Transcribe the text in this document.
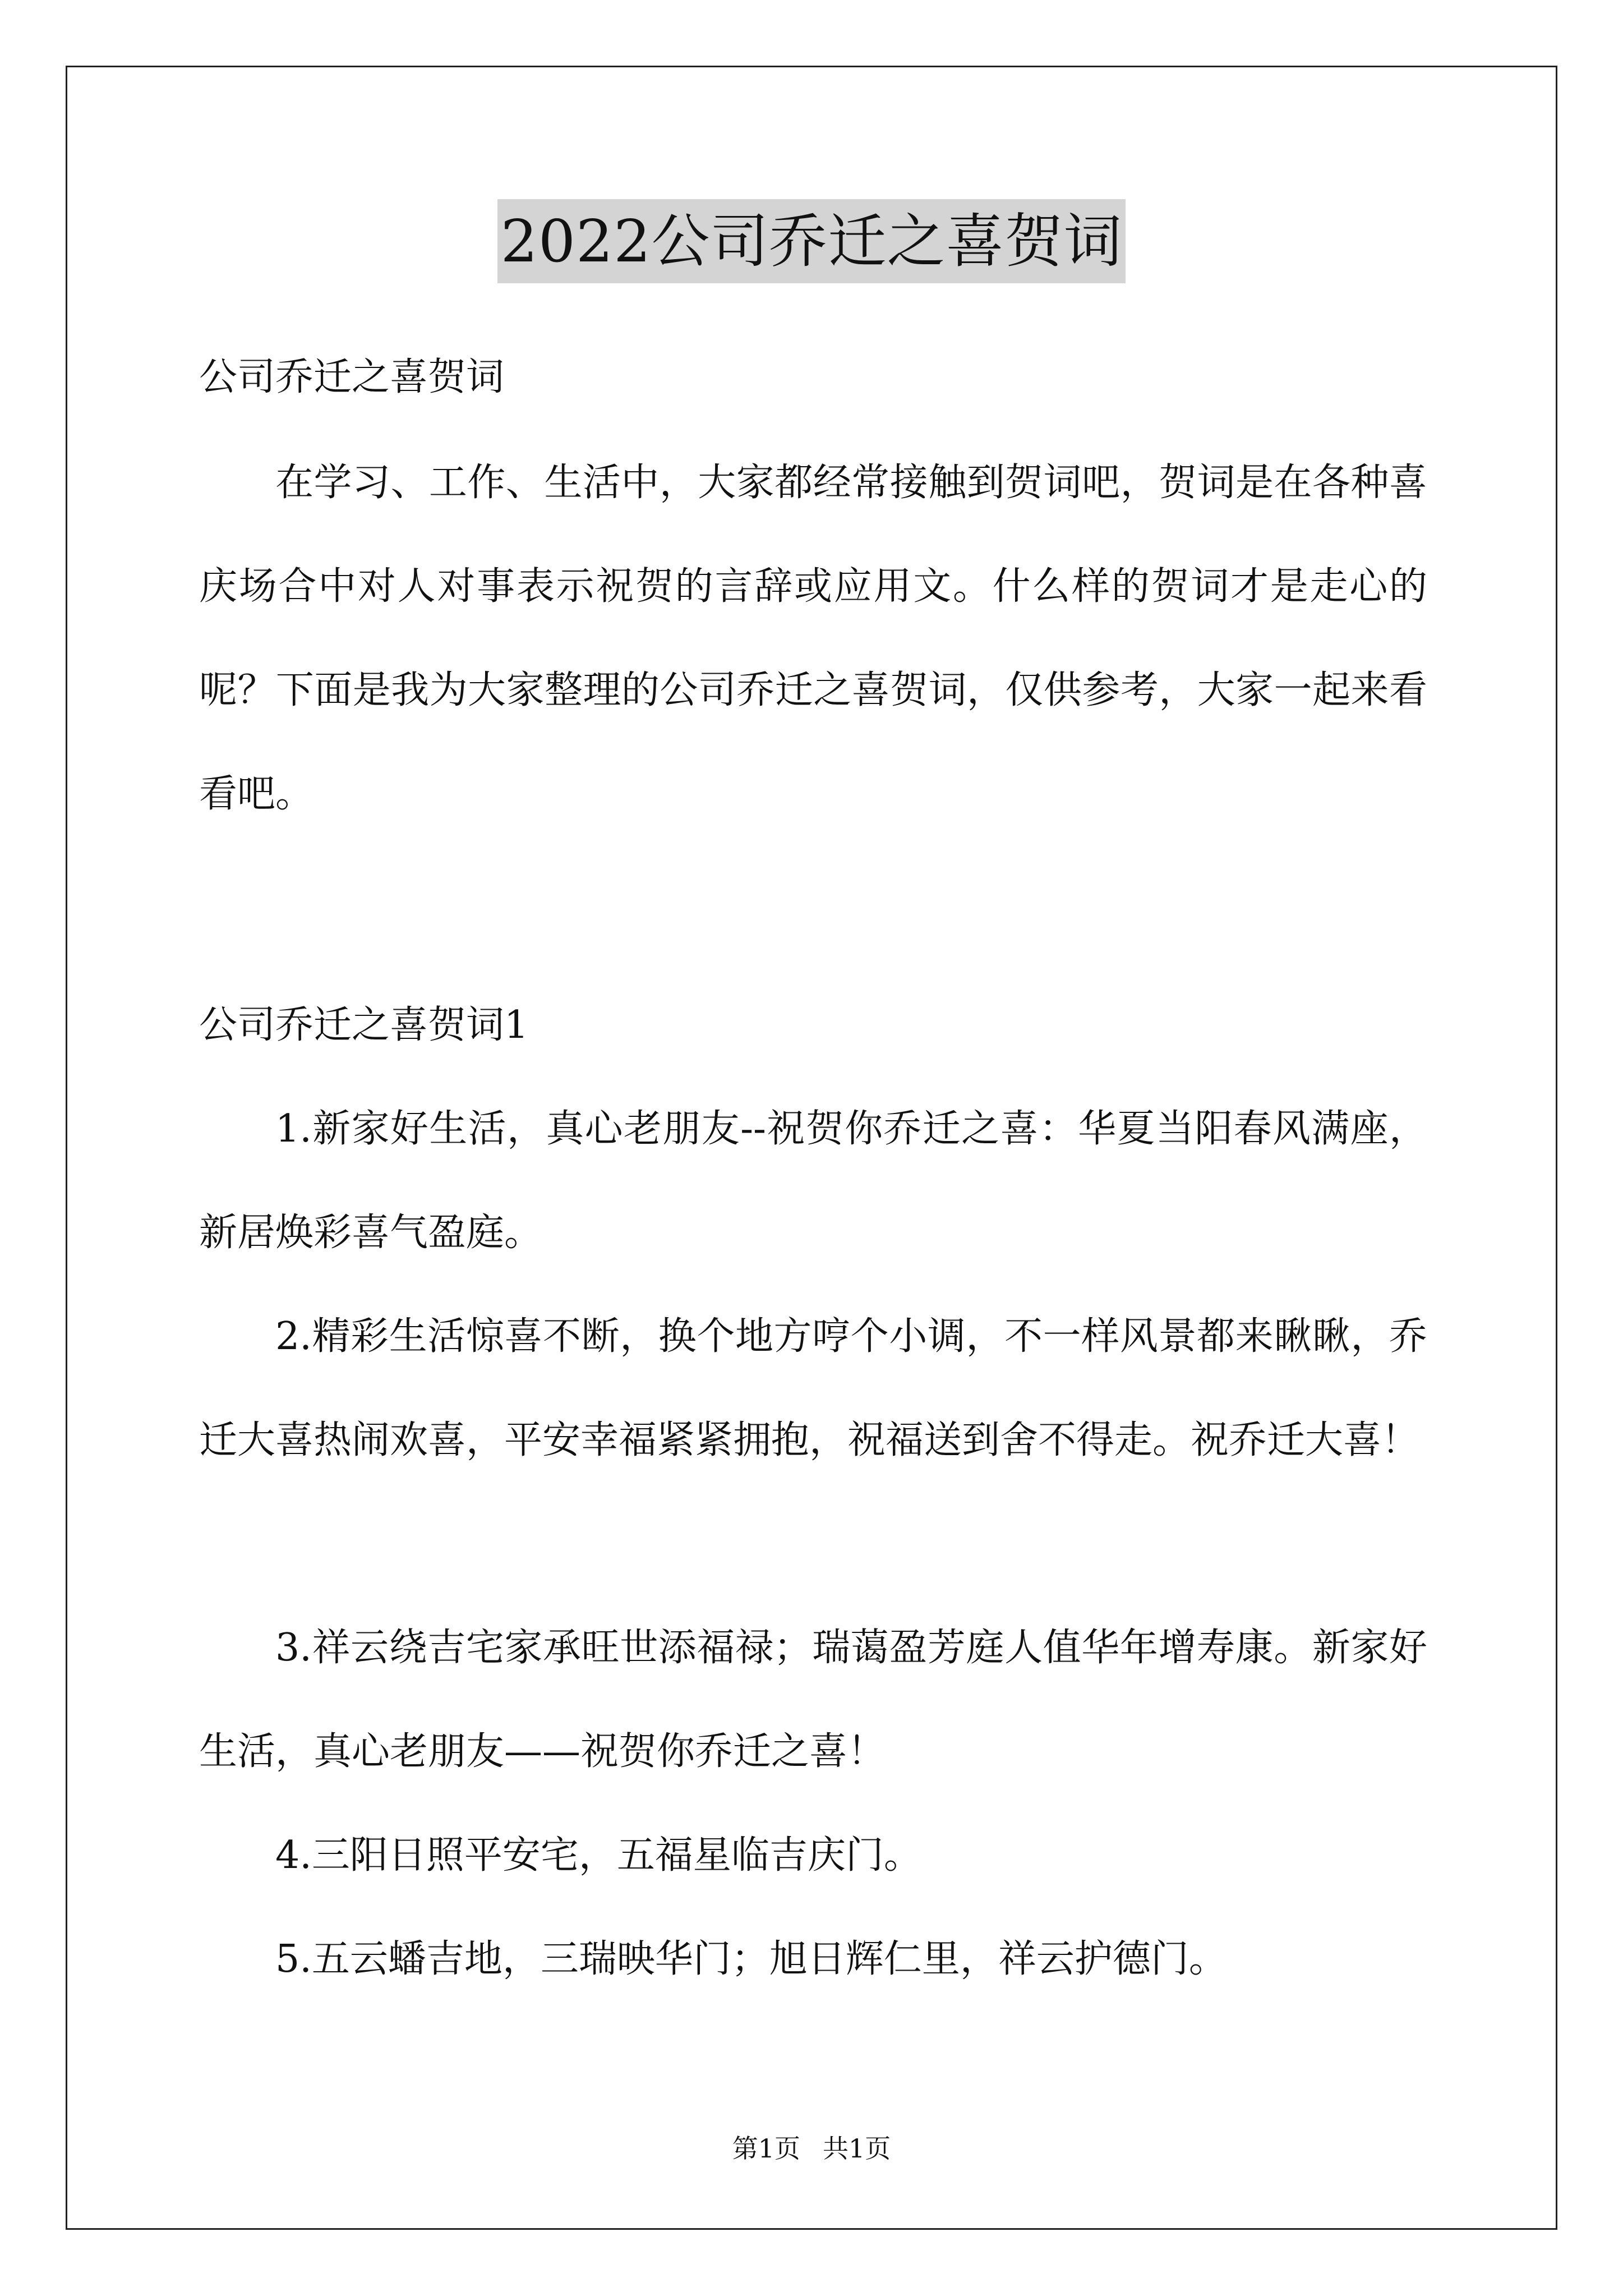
2022公司乔迁之喜贺词

公司乔迁之喜贺词

在学习、工作、生活中，大家都经常接触到贺词吧，贺词是在各种喜庆场合中对人对事表示祝贺的言辞或应用文。什么样的贺词才是走心的呢？下面是我为大家整理的公司乔迁之喜贺词，仅供参考，大家一起来看看吧。

公司乔迁之喜贺词1

1.新家好生活，真心老朋友--祝贺你乔迁之喜：华夏当阳春风满座，新居焕彩喜气盈庭。

2.精彩生活惊喜不断，换个地方哼个小调，不一样风景都来瞅瞅，乔迁大喜热闹欢喜，平安幸福紧紧拥抱，祝福送到舍不得走。祝乔迁大喜！

3.祥云绕吉宅家承旺世添福禄；瑞蔼盈芳庭人值华年增寿康。新家好生活，真心老朋友——祝贺你乔迁之喜！

4.三阳日照平安宅，五福星临吉庆门。

5.五云蟠吉地，三瑞映华门；旭日辉仁里，祥云护德门。

第1页 共1页
